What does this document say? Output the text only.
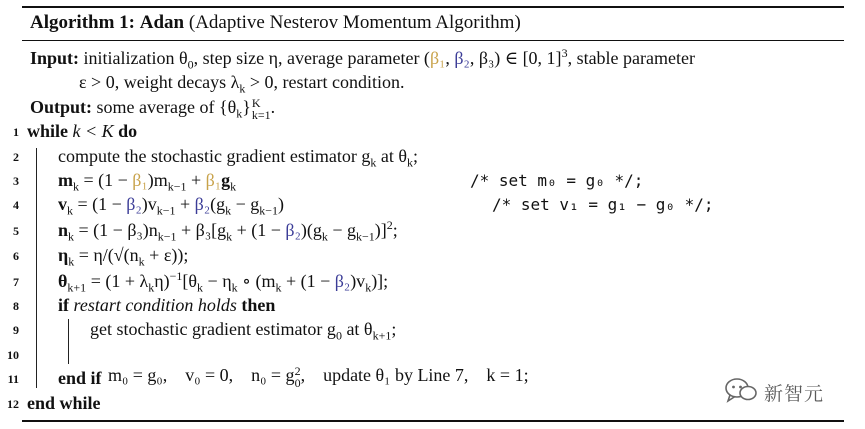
Algorithm 1: Adan (Adaptive Nesterov Momentum Algorithm)
Input: initialization $\theta_0$, step size η, average parameter (β₁, β₂, β₃) ∈ [0, 1]$^3$, stable parameter
ε > 0, weight decays $\lambda_k > 0$, restart condition.
Output: some average of $\{\theta_k\}$ K
k=1 .
1 while k < K do
2 compute the stochastic gradient estimator $g_k$ at $\theta_k$;
3 $m_k = (1 - \beta_1)m_{k-1} + \beta_1g_k$	/* set m₀ = g₀ */;
4 $v_k = (1 - \beta_2)v_{k-1} + \beta_2(g_k - g_{k-1})$	/* set v₁ = g₁ − g₀ */;
5 $n_k = (1 - \beta_3)n_{k-1} + \beta_3[g_k + (1 - \beta_2)(g_k - g_{k-1})]^2$;
6 $\eta_k = \eta/(√(n_k + \varepsilon))$;
7 $\theta_{k+1} = (1 + \lambda_k\eta)^{-1}[\theta_k - \eta_k$ ∘ $(m_k + (1 - \beta_2)v_k)$];
8 if restart condition holds then
9	get stochastic gradient estimator $g_0$ at $\theta_{k+1}$;
10

m₀ = g₀,    v₀ = 0,    n₀ = g 2
0 ,    update θ₁ by Line 7,    k = 1;

11 end if
12 end while	新智元
